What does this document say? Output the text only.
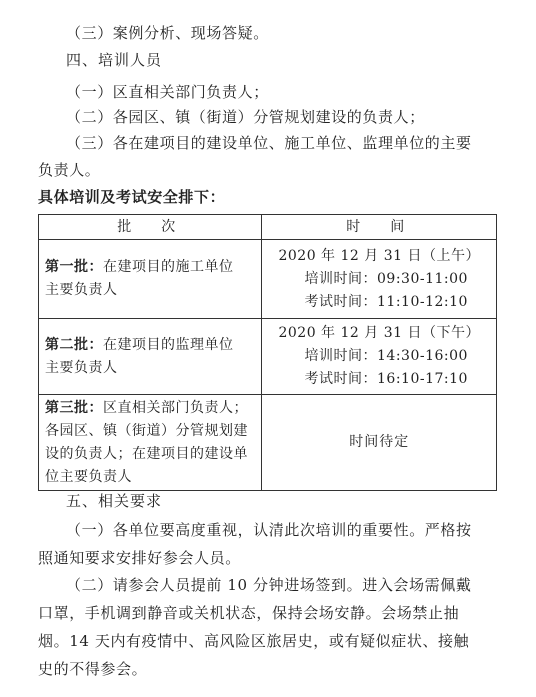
（三）案例分析、现场答疑。
四、培训人员
（一）区直相关部门负责人；
（二）各园区、镇（街道）分管规划建设的负责人；
（三）各在建项目的建设单位、施工单位、监理单位的主要
负责人。
具体培训及考试安全排下：
批　次	时　间
第一批：在建项目的施工单位
主要负责人	2020 年 12 月 31 日（上午）
培训时间：09:30-11:00
考试时间：11:10-12:10

第二批：在建项目的监理单位
主要负责人	2020 年 12 月 31 日（下午）
培训时间：14:30-16:00
考试时间：16:10-17:10

第三批：区直相关部门负责人；
各园区、镇（街道）分管规划建
设的负责人；在建项目的建设单
位主要负责人	时间待定
五、相关要求
（一）各单位要高度重视，认清此次培训的重要性。严格按
照通知要求安排好参会人员。
（二）请参会人员提前 10 分钟进场签到。进入会场需佩戴
口罩，手机调到静音或关机状态，保持会场安静。会场禁止抽
烟。14 天内有疫情中、高风险区旅居史，或有疑似症状、接触
史的不得参会。
